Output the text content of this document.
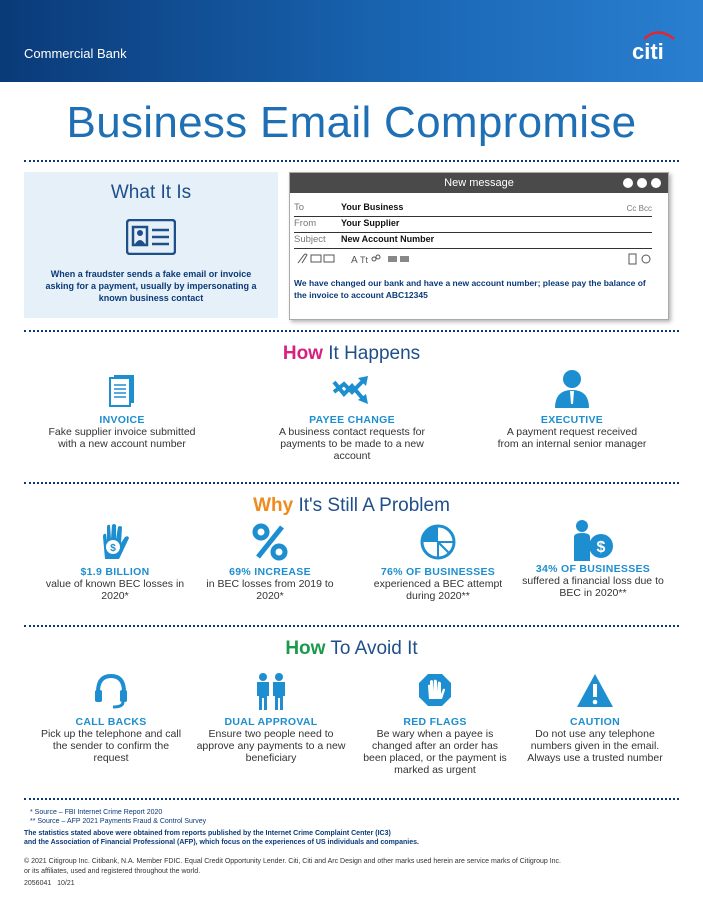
Commercial Bank	citi
Business Email Compromise
What It Is

When a fraudster sends a fake email or invoice asking for a payment, usually by impersonating a known business contact

New message
To	Your Business	Cc Bcc
From	Your Supplier
Subject New Account Number
A Tt
We have changed our bank and have a new account number; please pay the balance of the invoice to account ABC12345
How It Happens
INVOICE
Fake supplier invoice submitted with a new account number
PAYEE CHANGE
A business contact requests for payments to be made to a new account
EXECUTIVE
A payment request received from an internal senior manager
Why It's Still A Problem
$
$1.9 BILLION
value of known BEC losses in 2020*
69% INCREASE
in BEC losses from 2019 to 2020*
76% OF BUSINESSES
experienced a BEC attempt during 2020**
$
34% OF BUSINESSES
suffered a financial loss due to BEC in 2020**
How To Avoid It
CALL BACKS
Pick up the telephone and call the sender to confirm the request
DUAL APPROVAL
Ensure two people need to approve any payments to a new beneficiary
RED FLAGS
Be wary when a payee is changed after an order has been placed, or the payment is marked as urgent
CAUTION
Do not use any telephone numbers given in the email. Always use a trusted number
* Source – FBI Internet Crime Report 2020
** Source – AFP 2021 Payments Fraud & Control Survey
The statistics stated above were obtained from reports published by the Internet Crime Complaint Center (IC3)
and the Association of Financial Professional (AFP), which focus on the experiences of US individuals and companies.
© 2021 Citigroup Inc. Citibank, N.A. Member FDIC. Equal Credit Opportunity Lender. Citi, Citi and Arc Design and other marks used herein are service marks of Citigroup Inc.
or its affiliates, used and registered throughout the world.
2056041   10/21
